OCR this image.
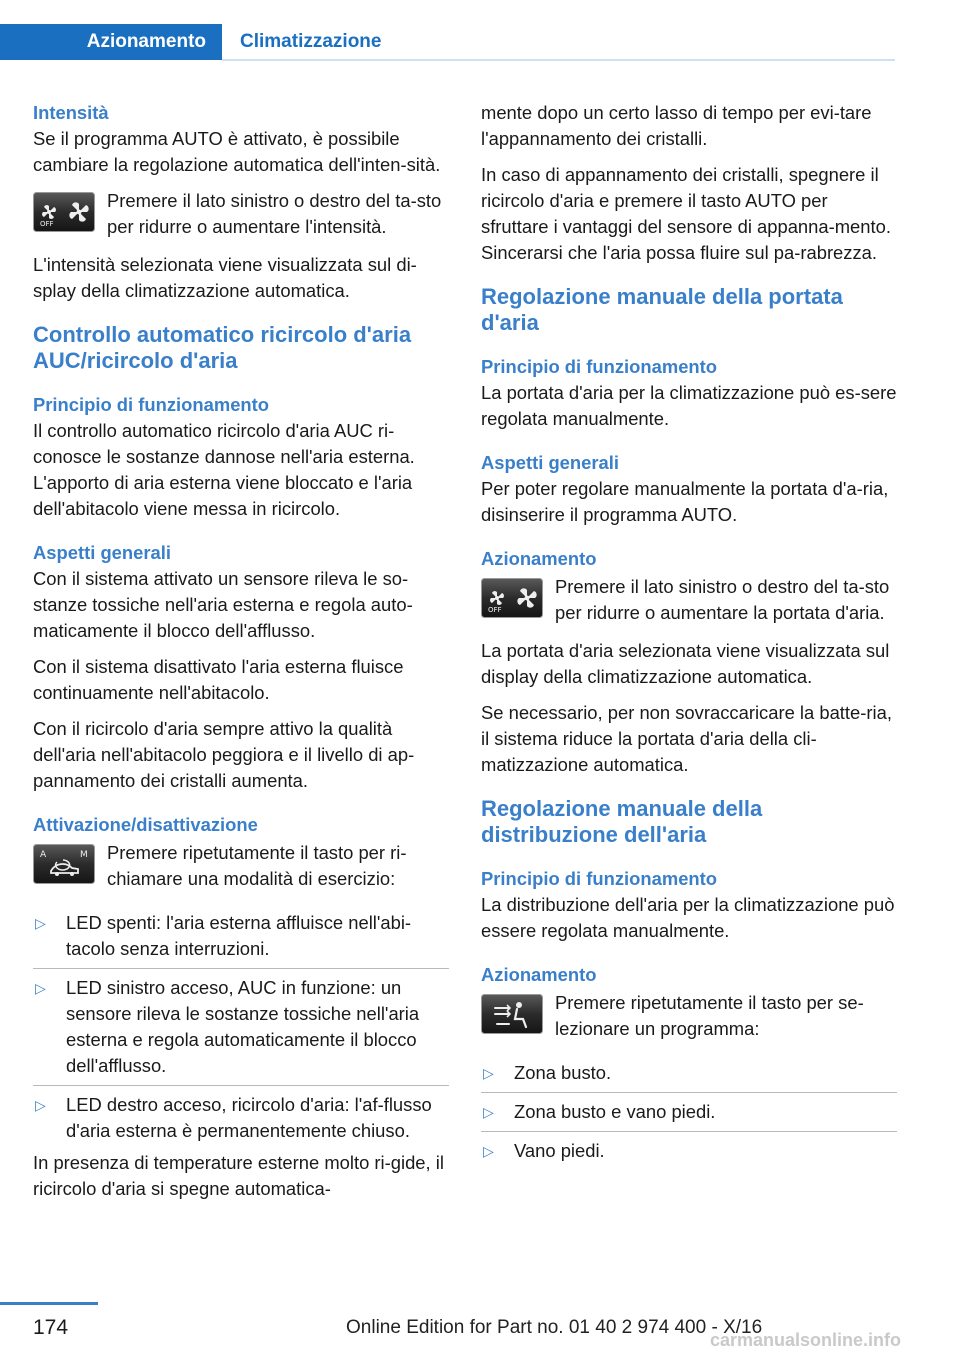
Azionamento	Climatizzazione
Intensità

Se il programma AUTO è attivato, è possibile cambiare la regolazione automatica dell'inten-sità.

OFF
Premere il lato sinistro o destro del ta-sto per ridurre o aumentare l'intensità.

L'intensità selezionata viene visualizzata sul di-splay della climatizzazione automatica.

Controllo automatico ricircolo d'aria AUC/ricircolo d'aria
Principio di funzionamento

Il controllo automatico ricircolo d'aria AUC ri-conosce le sostanze dannose nell'aria esterna. L'apporto di aria esterna viene bloccato e l'aria dell'abitacolo viene messa in ricircolo.

Aspetti generali

Con il sistema attivato un sensore rileva le so-stanze tossiche nell'aria esterna e regola auto-maticamente il blocco dell'afflusso.

Con il sistema disattivato l'aria esterna fluisce continuamente nell'abitacolo.

Con il ricircolo d'aria sempre attivo la qualità dell'aria nell'abitacolo peggiora e il livello di ap-pannamento dei cristalli aumenta.

Attivazione/disattivazione
A	M Premere ripetutamente il tasto per ri-chiamare una modalità di esercizio:
▷ LED spenti: l'aria esterna affluisce nell'abi-tacolo senza interruzioni.
▷ LED sinistro acceso, AUC in funzione: un sensore rileva le sostanze tossiche nell'aria esterna e regola automaticamente il blocco dell'afflusso.
▷ LED destro acceso, ricircolo d'aria: l'af-flusso d'aria esterna è permanentemente chiuso.

In presenza di temperature esterne molto ri-gide, il ricircolo d'aria si spegne automatica-

mente dopo un certo lasso di tempo per evi-tare l'appannamento dei cristalli.

In caso di appannamento dei cristalli, spegnere il ricircolo d'aria e premere il tasto AUTO per sfruttare i vantaggi del sensore di appanna-mento. Sincerarsi che l'aria possa fluire sul pa-rabrezza.

Regolazione manuale della portata d'aria
Principio di funzionamento

La portata d'aria per la climatizzazione può es-sere regolata manualmente.

Aspetti generali

Per poter regolare manualmente la portata d'a-ria, disinserire il programma AUTO.

Azionamento
OFF
Premere il lato sinistro o destro del ta-sto per ridurre o aumentare la portata d'aria.

La portata d'aria selezionata viene visualizzata sul display della climatizzazione automatica.

Se necessario, per non sovraccaricare la batte-ria, il sistema riduce la portata d'aria della cli-matizzazione automatica.

Regolazione manuale della distribuzione dell'aria
Principio di funzionamento

La distribuzione dell'aria per la climatizzazione può essere regolata manualmente.

Azionamento
Premere ripetutamente il tasto per se-lezionare un programma:
▷ Zona busto.
▷ Zona busto e vano piedi.
▷ Vano piedi.
174	Online Edition for Part no. 01 40 2 974 400 - X/16
carmanualsonline.info
